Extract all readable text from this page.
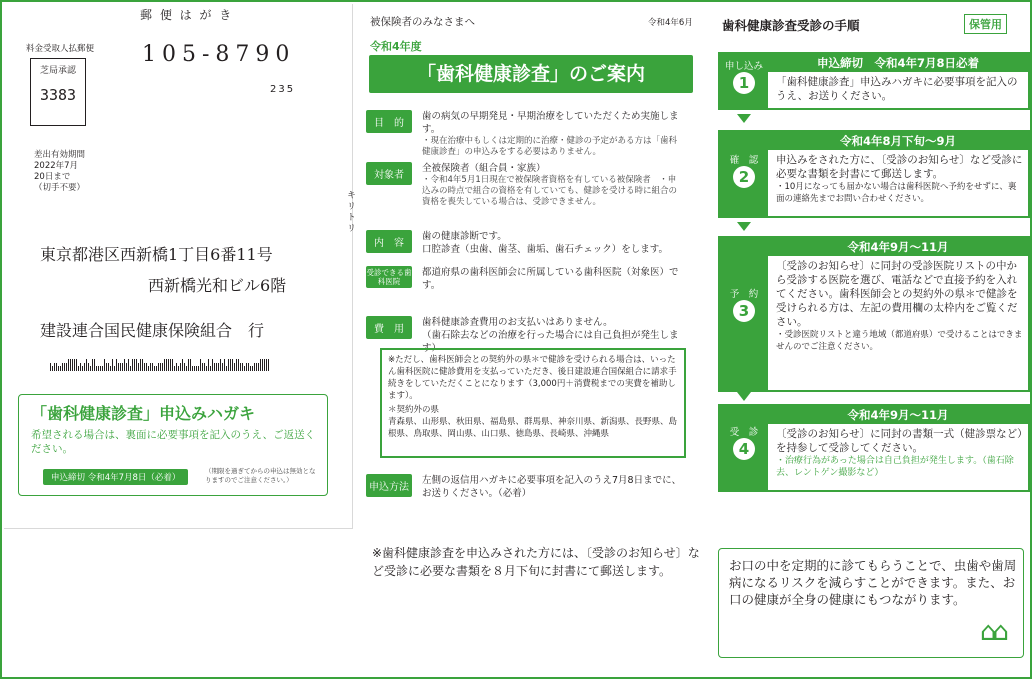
郵 便 は が き
料金受取人払郵便
芝局承認
3383
105-8790
235
差出有効期間
2022年7月
20日まで
（切手不要）
東京都港区西新橋1丁目6番11号
西新橋光和ビル6階
建設連合国民健康保険組合　行
キリトリ
「歯科健康診査」申込みハガキ
希望される場合は、裏面に必要事項を記入のうえ、ご返送ください。
申込締切 令和4年7月8日（必着）
（期限を過ぎてからの申込は無効となりますのでご注意ください。）
被保険者のみなさまへ	令和4年6月
令和4年度
「歯科健康診査」のご案内
目　的
歯の病気の早期発見・早期治療をしていただくため実施します。
・現在治療中もしくは定期的に治療・健診の予定がある方は「歯科健康診査」の申込みをする必要はありません。
対象者
全被保険者（組合員・家族）
・令和4年5月1日現在で被保険者資格を有している被保険者　・申込みの時点で組合の資格を有していても、健診を受ける時に組合の資格を喪失している場合は、受診できません。
内　容
歯の健康診断です。
口腔診査（虫歯、歯茎、歯垢、歯石チェック）をします。
受診できる歯科医院
都道府県の歯科医師会に所属している歯科医院（対象医）です。
費　用
歯科健康診査費用のお支払いはありません。
（歯石除去などの治療を行った場合には自己負担が発生します）
※ただし、歯科医師会との契約外の県＊で健診を受けられる場合は、いったん歯科医院に健診費用を支払っていただき、後日建設連合国保組合に請求手続きをしていただくことになります（3,000円＋消費税までの実費を補助します）。
＊契約外の県
青森県、山形県、秋田県、福島県、群馬県、神奈川県、新潟県、長野県、島根県、鳥取県、岡山県、山口県、徳島県、長崎県、沖縄県
申込方法
左側の返信用ハガキに必要事項を記入のうえ7月8日までに、お送りください。（必着）
※歯科健康診査を申込みされた方には、〔受診のお知らせ〕など受診に必要な書類を８月下旬に封書にて郵送します。
歯科健康診査受診の手順	保管用
申し込み
1
申込締切　令和4年7月8日必着
「歯科健康診査」申込みハガキに必要事項を記入のうえ、お送りください。
確　認
2
令和4年8月下旬〜9月
申込みをされた方に、〔受診のお知らせ〕など受診に必要な書類を封書にて郵送します。
・10月になっても届かない場合は歯科医院へ予約をせずに、裏面の連絡先までお問い合わせください。
予　約
3
令和4年9月〜11月
〔受診のお知らせ〕に同封の受診医院リストの中から受診する医院を選び、電話などで直接予約を入れてください。歯科医師会との契約外の県＊で健診を受けられる方は、左記の費用欄の太枠内をご覧ください。
・受診医院リストと違う地域（都道府県）で受けることはできませんのでご注意ください。
受　診
4
令和4年9月〜11月
〔受診のお知らせ〕に同封の書類一式（健診票など）を持参して受診してください。
・治療行為があった場合は自己負担が発生します。（歯石除去、レントゲン撮影など）
お口の中を定期的に診てもらうことで、虫歯や歯周病になるリスクを減らすことができます。また、お口の健康が全身の健康にもつながります。
⌂⌂
